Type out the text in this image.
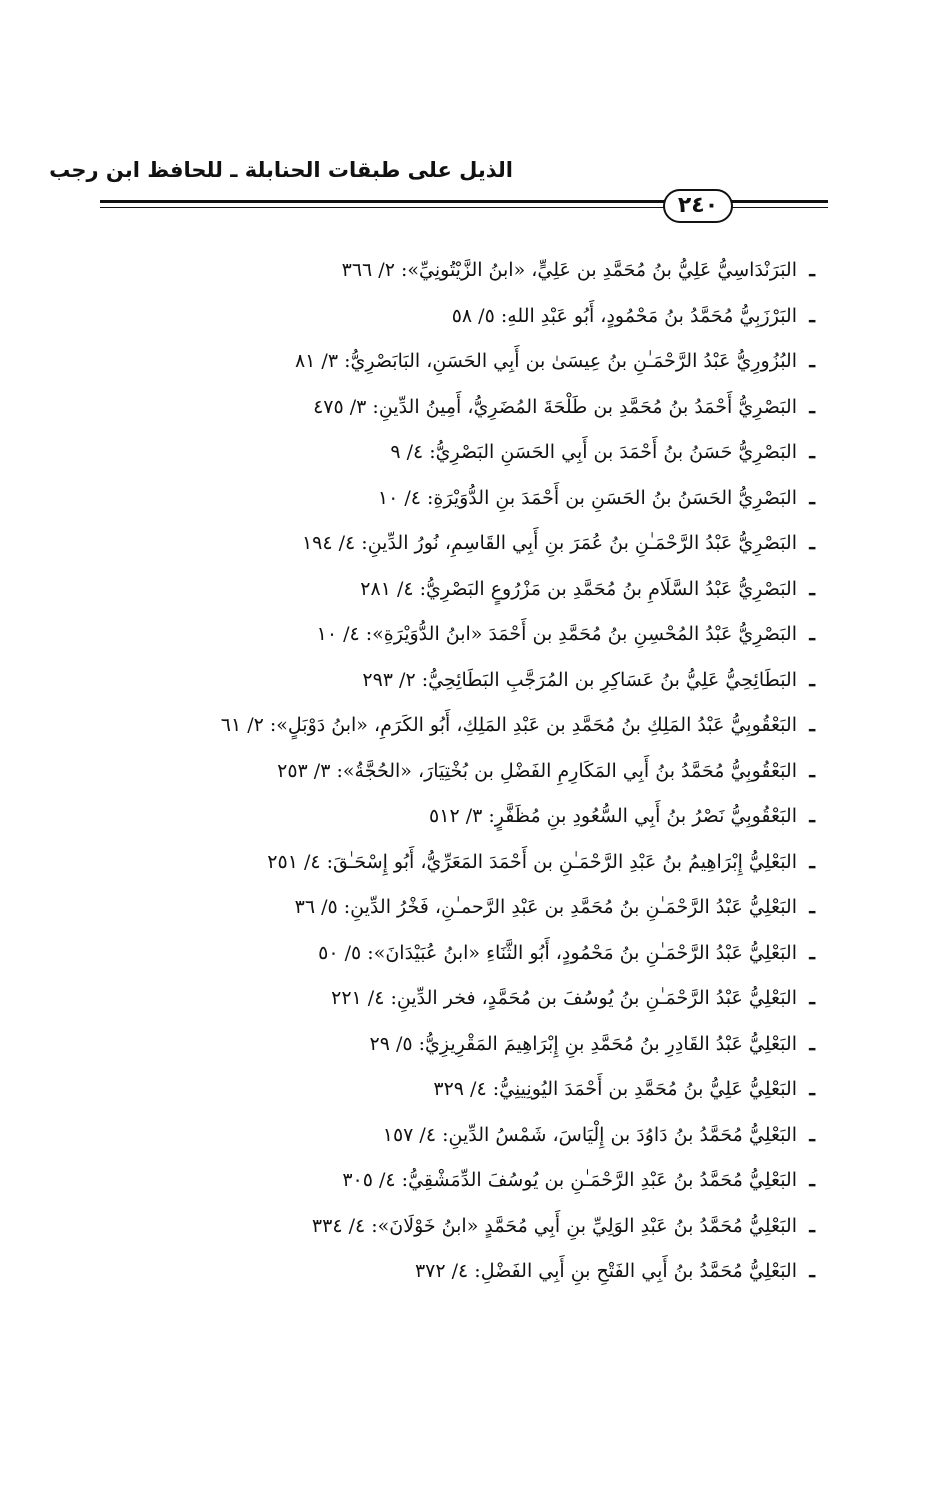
الذيل على طبقات الحنابلة ـ للحافظ ابن رجب
٢٤٠
ـالبَرَنْدَاسِيُّ عَلِيُّ بنُ مُحَمَّدِ بن عَلِيٍّ، «ابنُ الزَّيْتُونِيِّ»: ٢/ ٣٦٦
ـالبَرْزَبِيُّ مُحَمَّدُ بنُ مَحْمُودٍ، أَبُو عَبْدِ اللهِ: ٥/ ٥٨
ـالبُزُورِيُّ عَبْدُ الرَّحْمَـٰنِ بنُ عِيسَىٰ بن أَبِي الحَسَنِ، البَابَصْرِيُّ: ٣/ ٨١
ـالبَصْرِيُّ أَحْمَدُ بنُ مُحَمَّدِ بن طَلْحَةَ المُضَرِيُّ، أَمِينُ الدِّينِ: ٣/ ٤٧٥
ـالبَصْرِيُّ حَسَنُ بنُ أَحْمَدَ بن أَبِي الحَسَنِ البَصْرِيُّ: ٤/ ٩
ـالبَصْرِيُّ الحَسَنُ بنُ الحَسَنِ بن أَحْمَدَ بنِ الدُّوَيْرَةِ: ٤/ ١٠
ـالبَصْرِيُّ عَبْدُ الرَّحْمَـٰنِ بنُ عُمَرَ بنِ أَبِي القَاسِمِ، نُورُ الدِّينِ: ٤/ ١٩٤
ـالبَصْرِيُّ عَبْدُ السَّلَامِ بنُ مُحَمَّدِ بن مَزْرُوعٍ البَصْرِيُّ: ٤/ ٢٨١
ـالبَصْرِيُّ عَبْدُ المُحْسِنِ بنُ مُحَمَّدِ بن أَحْمَدَ «ابنُ الدُّوَيْرَةِ»: ٤/ ١٠
ـالبَطَائِحِيُّ عَلِيُّ بنُ عَسَاكِرِ بن المُرَجَّبِ البَطَائِحِيُّ: ٢/ ٢٩٣
ـالبَعْقُوبِيُّ عَبْدُ المَلِكِ بنُ مُحَمَّدِ بن عَبْدِ المَلِكِ، أَبُو الكَرَمِ، «ابنُ دَوْبَلٍ»: ٢/ ٦١
ـالبَعْقُوبِيُّ مُحَمَّدُ بنُ أَبِي المَكَارِمِ الفَضْلِ بن بُخْتِيَارَ، «الحُجَّةُ»: ٣/ ٢٥٣
ـالبَعْقُوبِيُّ نَصْرُ بنُ أَبِي السُّعُودِ بنِ مُظَفَّرٍ: ٣/ ٥١٢
ـالبَعْلِيُّ إِبْرَاهِيمُ بنُ عَبْدِ الرَّحْمَـٰنِ بن أَحْمَدَ المَعَرِّيُّ، أَبُو إِسْحَـٰقَ: ٤/ ٢٥١
ـالبَعْلِيُّ عَبْدُ الرَّحْمَـٰنِ بنُ مُحَمَّدِ بن عَبْدِ الرَّحمـٰنِ، فَخْرُ الدِّينِ: ٥/ ٣٦
ـالبَعْلِيُّ عَبْدُ الرَّحْمَـٰنِ بنُ مَحْمُودٍ، أَبُو الثَّنَاءِ «ابنُ عُبَيْدَانَ»: ٥/ ٥٠
ـالبَعْلِيُّ عَبْدُ الرَّحْمَـٰنِ بنُ يُوسُفَ بن مُحَمَّدٍ، فخر الدِّينِ: ٤/ ٢٢١
ـالبَعْلِيُّ عَبْدُ القَادِرِ بنُ مُحَمَّدِ بنِ إِبْرَاهِيمَ المَقْرِيزِيُّ: ٥/ ٢٩
ـالبَعْلِيُّ عَلِيُّ بنُ مُحَمَّدِ بن أَحْمَدَ اليُونِينِيُّ: ٤/ ٣٢٩
ـالبَعْلِيُّ مُحَمَّدُ بنُ دَاوُدَ بن إِلْيَاسَ، شَمْسُ الدِّينِ: ٤/ ١٥٧
ـالبَعْلِيُّ مُحَمَّدُ بنُ عَبْدِ الرَّحْمَـٰنِ بن يُوسُفَ الدِّمَشْقِيُّ: ٤/ ٣٠٥
ـالبَعْلِيُّ مُحَمَّدُ بنُ عَبْدِ الوَلِيِّ بنِ أَبِي مُحَمَّدٍ «ابنُ خَوْلَانَ»: ٤/ ٣٣٤
ـالبَعْلِيُّ مُحَمَّدُ بنُ أَبِي الفَتْحِ بنِ أَبِي الفَضْلِ: ٤/ ٣٧٢
